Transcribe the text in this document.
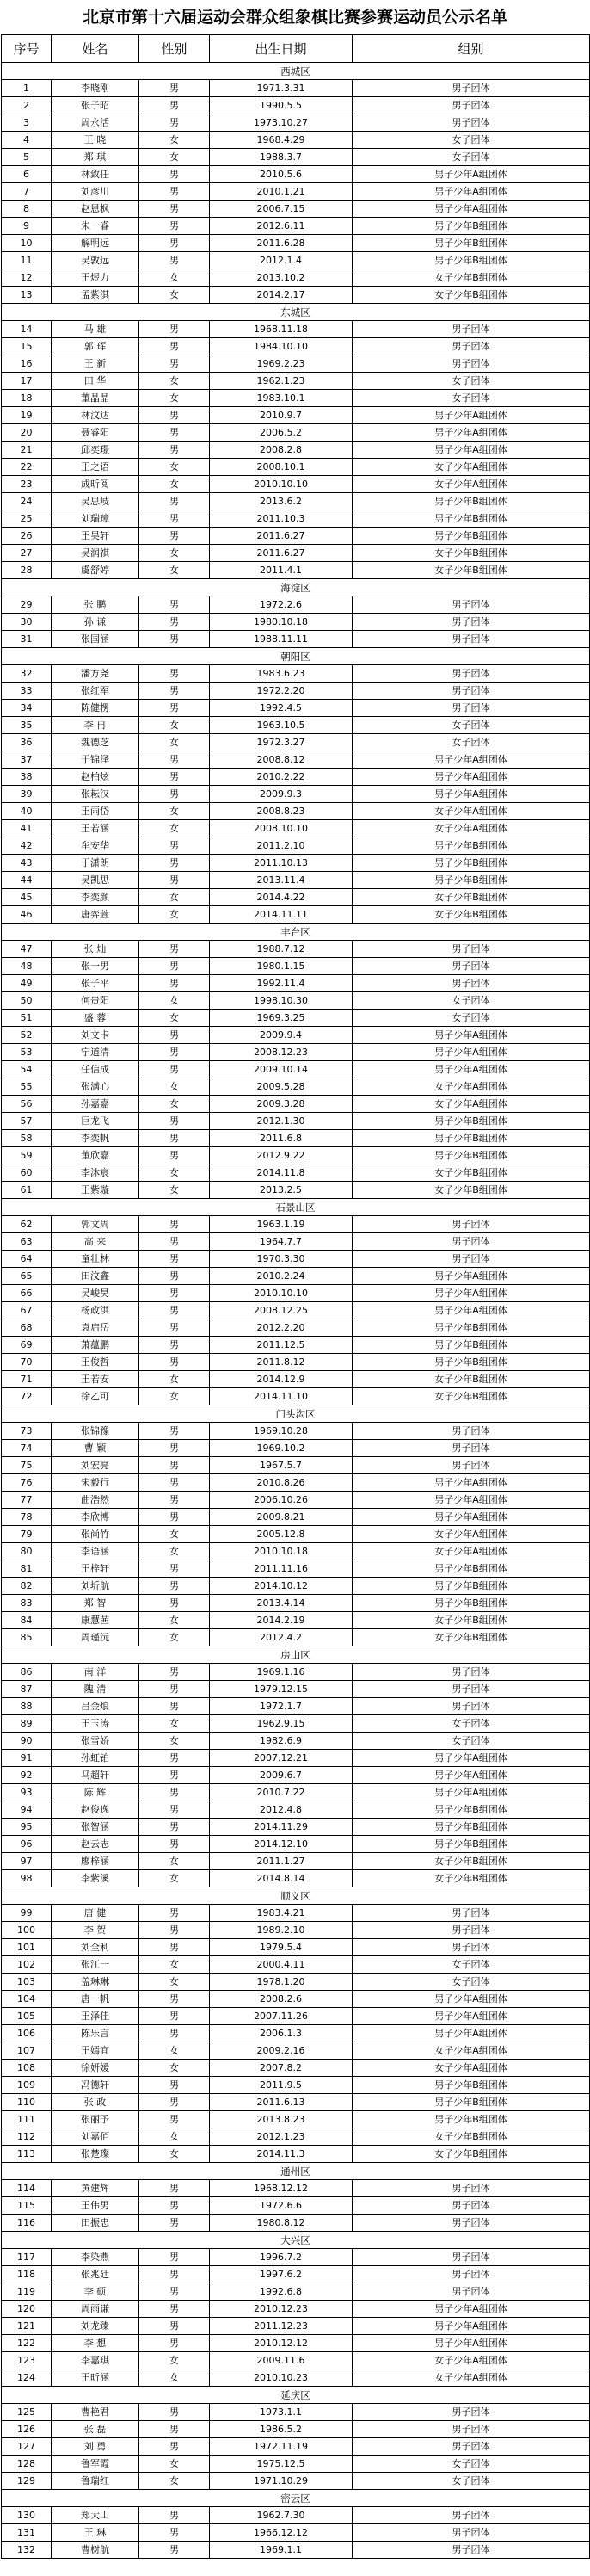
北京市第十六届运动会群众组象棋比赛参赛运动员公示名单
序号	姓名	性别	出生日期	组别
西城区				
1	李晓刚	男	1971.3.31	男子团体
2	张子昭	男	1990.5.5	男子团体
3	周永活	男	1973.10.27	男子团体
4	王 晓	女	1968.4.29	女子团体
5	郑 琪	女	1988.3.7	女子团体
6	林致任	男	2010.5.6	男子少年A组团体
7	刘彦川	男	2010.1.21	男子少年A组团体
8	赵恩枫	男	2006.7.15	男子少年A组团体
9	朱一睿	男	2012.6.11	男子少年B组团体
10	解明远	男	2011.6.28	男子少年B组团体
11	吴敦远	男	2012.1.4	男子少年B组团体
12	王煜力	女	2013.10.2	女子少年B组团体
13	孟紫淇	女	2014.2.17	女子少年B组团体
东城区				
14	马 雄	男	1968.11.18	男子团体
15	郭 珲	男	1984.10.10	男子团体
16	王 新	男	1969.2.23	男子团体
17	田 华	女	1962.1.23	女子团体
18	董晶晶	女	1983.10.1	女子团体
19	林汶达	男	2010.9.7	男子少年A组团体
20	聂睿阳	男	2006.5.2	男子少年A组团体
21	邱奕璟	男	2008.2.8	男子少年A组团体
22	王之语	女	2008.10.1	女子少年A组团体
23	成昕阅	女	2010.10.10	女子少年A组团体
24	吴思岐	男	2013.6.2	男子少年B组团体
25	刘瑞璋	男	2011.10.3	男子少年B组团体
26	王昊轩	男	2011.6.27	男子少年B组团体
27	吴润祺	女	2011.6.27	女子少年B组团体
28	虞舒婷	女	2011.4.1	女子少年B组团体
海淀区				
29	张 鹏	男	1972.2.6	男子团体
30	孙 谦	男	1980.10.18	男子团体
31	张国涵	男	1988.11.11	男子团体
朝阳区				
32	潘方尧	男	1983.6.23	男子团体
33	张红军	男	1972.2.20	男子团体
34	陈健楞	男	1992.4.5	男子团体
35	李 冉	女	1963.10.5	女子团体
36	魏德芝	女	1972.3.27	女子团体
37	于锦泽	男	2008.8.12	男子少年A组团体
38	赵柏炫	男	2010.2.22	男子少年A组团体
39	张耘汉	男	2009.9.3	男子少年A组团体
40	王雨岱	女	2008.8.23	女子少年A组团体
41	王若涵	女	2008.10.10	女子少年A组团体
42	牟安华	男	2011.2.10	男子少年B组团体
43	于潇朗	男	2011.10.13	男子少年B组团体
44	吴凯思	男	2013.11.4	男子少年B组团体
45	李奕颜	女	2014.4.22	女子少年B组团体
46	唐弈萱	女	2014.11.11	女子少年B组团体
丰台区				
47	张 灿	男	1988.7.12	男子团体
48	张一男	男	1980.1.15	男子团体
49	张子平	男	1992.11.4	男子团体
50	何贵阳	女	1998.10.30	女子团体
51	盛 蓉	女	1969.3.25	女子团体
52	刘文卡	男	2009.9.4	男子少年A组团体
53	宁道清	男	2008.12.23	男子少年A组团体
54	任信成	男	2009.10.14	男子少年A组团体
55	张满心	女	2009.5.28	女子少年A组团体
56	孙嘉嘉	女	2009.3.28	女子少年A组团体
57	巨龙飞	男	2012.1.30	男子少年B组团体
58	李奕帆	男	2011.6.8	男子少年B组团体
59	董欣嘉	男	2012.9.22	男子少年B组团体
60	李沐宸	女	2014.11.8	女子少年B组团体
61	王紫璇	女	2013.2.5	女子少年B组团体
石景山区				
62	郭文周	男	1963.1.19	男子团体
63	高 来	男	1964.7.7	男子团体
64	童壮林	男	1970.3.30	男子团体
65	田汶鑫	男	2010.2.24	男子少年A组团体
66	吴峻昊	男	2010.10.10	男子少年A组团体
67	杨政洪	男	2008.12.25	男子少年A组团体
68	袁启岳	男	2012.2.20	男子少年B组团体
69	萧蕴鹏	男	2011.12.5	男子少年B组团体
70	王俊哲	男	2011.8.12	男子少年B组团体
71	王若安	女	2014.12.9	女子少年B组团体
72	徐乙可	女	2014.11.10	女子少年B组团体
门头沟区				
73	张锦豫	男	1969.10.28	男子团体
74	曹 颖	男	1969.10.2	男子团体
75	刘宏亮	男	1967.5.7	男子团体
76	宋毅行	男	2010.8.26	男子少年A组团体
77	曲浩然	男	2006.10.26	男子少年A组团体
78	李欣博	男	2009.8.21	男子少年A组团体
79	张尚竹	女	2005.12.8	女子少年A组团体
80	李语涵	女	2010.10.18	女子少年A组团体
81	王梓轩	男	2011.11.16	男子少年B组团体
82	刘圻航	男	2014.10.12	男子少年B组团体
83	郑 智	男	2013.4.14	男子少年B组团体
84	康慧茜	女	2014.2.19	女子少年B组团体
85	周瑾沅	女	2012.4.2	女子少年B组团体
房山区				
86	南 洋	男	1969.1.16	男子团体
87	隗 清	男	1979.12.15	男子团体
88	吕金烺	男	1972.1.7	男子团体
89	王玉涛	女	1962.9.15	女子团体
90	张雪娇	女	1982.6.9	女子团体
91	孙虹铂	男	2007.12.21	男子少年A组团体
92	马超轩	男	2009.6.7	男子少年A组团体
93	陈 辉	男	2010.7.22	男子少年A组团体
94	赵俊逸	男	2012.4.8	男子少年B组团体
95	张智涵	男	2014.11.29	男子少年B组团体
96	赵云志	男	2014.12.10	男子少年B组团体
97	廖梓涵	女	2011.1.27	女子少年B组团体
98	李紫溪	女	2014.8.14	女子少年B组团体
顺义区				
99	唐 健	男	1983.4.21	男子团体
100	李 贺	男	1989.2.10	男子团体
101	刘全利	男	1979.5.4	男子团体
102	张江一	女	2000.4.11	女子团体
103	盖琳琳	女	1978.1.20	女子团体
104	唐一帆	男	2008.2.6	男子少年A组团体
105	王泽佳	男	2007.11.26	男子少年A组团体
106	陈乐言	男	2006.1.3	男子少年A组团体
107	王嫣宜	女	2009.2.16	女子少年A组团体
108	徐妍媛	女	2007.8.2	女子少年A组团体
109	冯德轩	男	2011.9.5	男子少年B组团体
110	张 政	男	2011.6.13	男子少年B组团体
111	张丽予	男	2013.8.23	男子少年B组团体
112	刘嘉佰	女	2012.1.23	女子少年B组团体
113	张楚璨	女	2014.11.3	女子少年B组团体
通州区				
114	黄建辉	男	1968.12.12	男子团体
115	王伟男	男	1972.6.6	男子团体
116	田振忠	男	1980.8.12	男子团体
大兴区				
117	李染燕	男	1996.7.2	男子团体
118	张兆廷	男	1997.6.2	男子团体
119	李 硕	男	1992.6.8	男子团体
120	周雨谦	男	2010.12.23	男子少年A组团体
121	刘龙臻	男	2011.12.23	男子少年A组团体
122	李 想	男	2010.12.12	男子少年A组团体
123	李嘉琪	女	2009.11.6	女子少年A组团体
124	王昕涵	女	2010.10.23	女子少年A组团体
延庆区				
125	曹艳君	男	1973.1.1	男子团体
126	张 磊	男	1986.5.2	男子团体
127	刘 勇	男	1972.11.19	男子团体
128	鲁军霞	女	1975.12.5	女子团体
129	鲁瑞红	女	1971.10.29	女子团体
密云区				
130	郑大山	男	1962.7.30	男子团体
131	王 琳	男	1966.12.12	男子团体
132	曹树航	男	1969.1.1	男子团体
